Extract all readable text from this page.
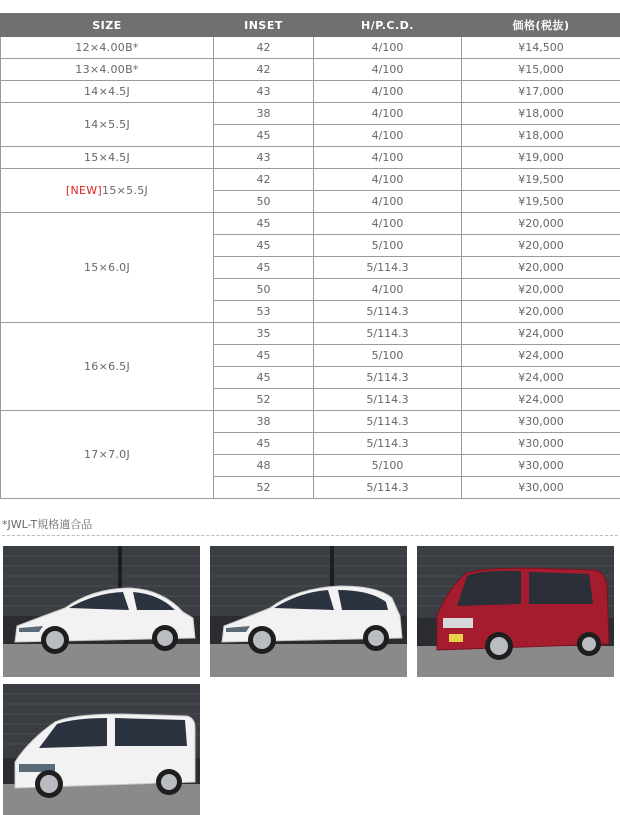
SIZE	INSET	H/P.C.D.	価格(税抜)
12×4.00B*	42	4/100	¥14,500
13×4.00B*	42	4/100	¥15,000
14×4.5J	43	4/100	¥17,000
14×5.5J	38	4/100	¥18,000
	45	4/100	¥18,000
15×4.5J	43	4/100	¥19,000
[NEW]15×5.5J	42	4/100	¥19,500
	50	4/100	¥19,500
15×6.0J	45	4/100	¥20,000
	45	5/100	¥20,000
	45	5/114.3	¥20,000
	50	4/100	¥20,000
	53	5/114.3	¥20,000
16×6.5J	35	5/114.3	¥24,000
	45	5/100	¥24,000
	45	5/114.3	¥24,000
	52	5/114.3	¥24,000
17×7.0J	38	5/114.3	¥30,000
	45	5/114.3	¥30,000
	48	5/100	¥30,000
	52	5/114.3	¥30,000
*JWL-T規格適合品
